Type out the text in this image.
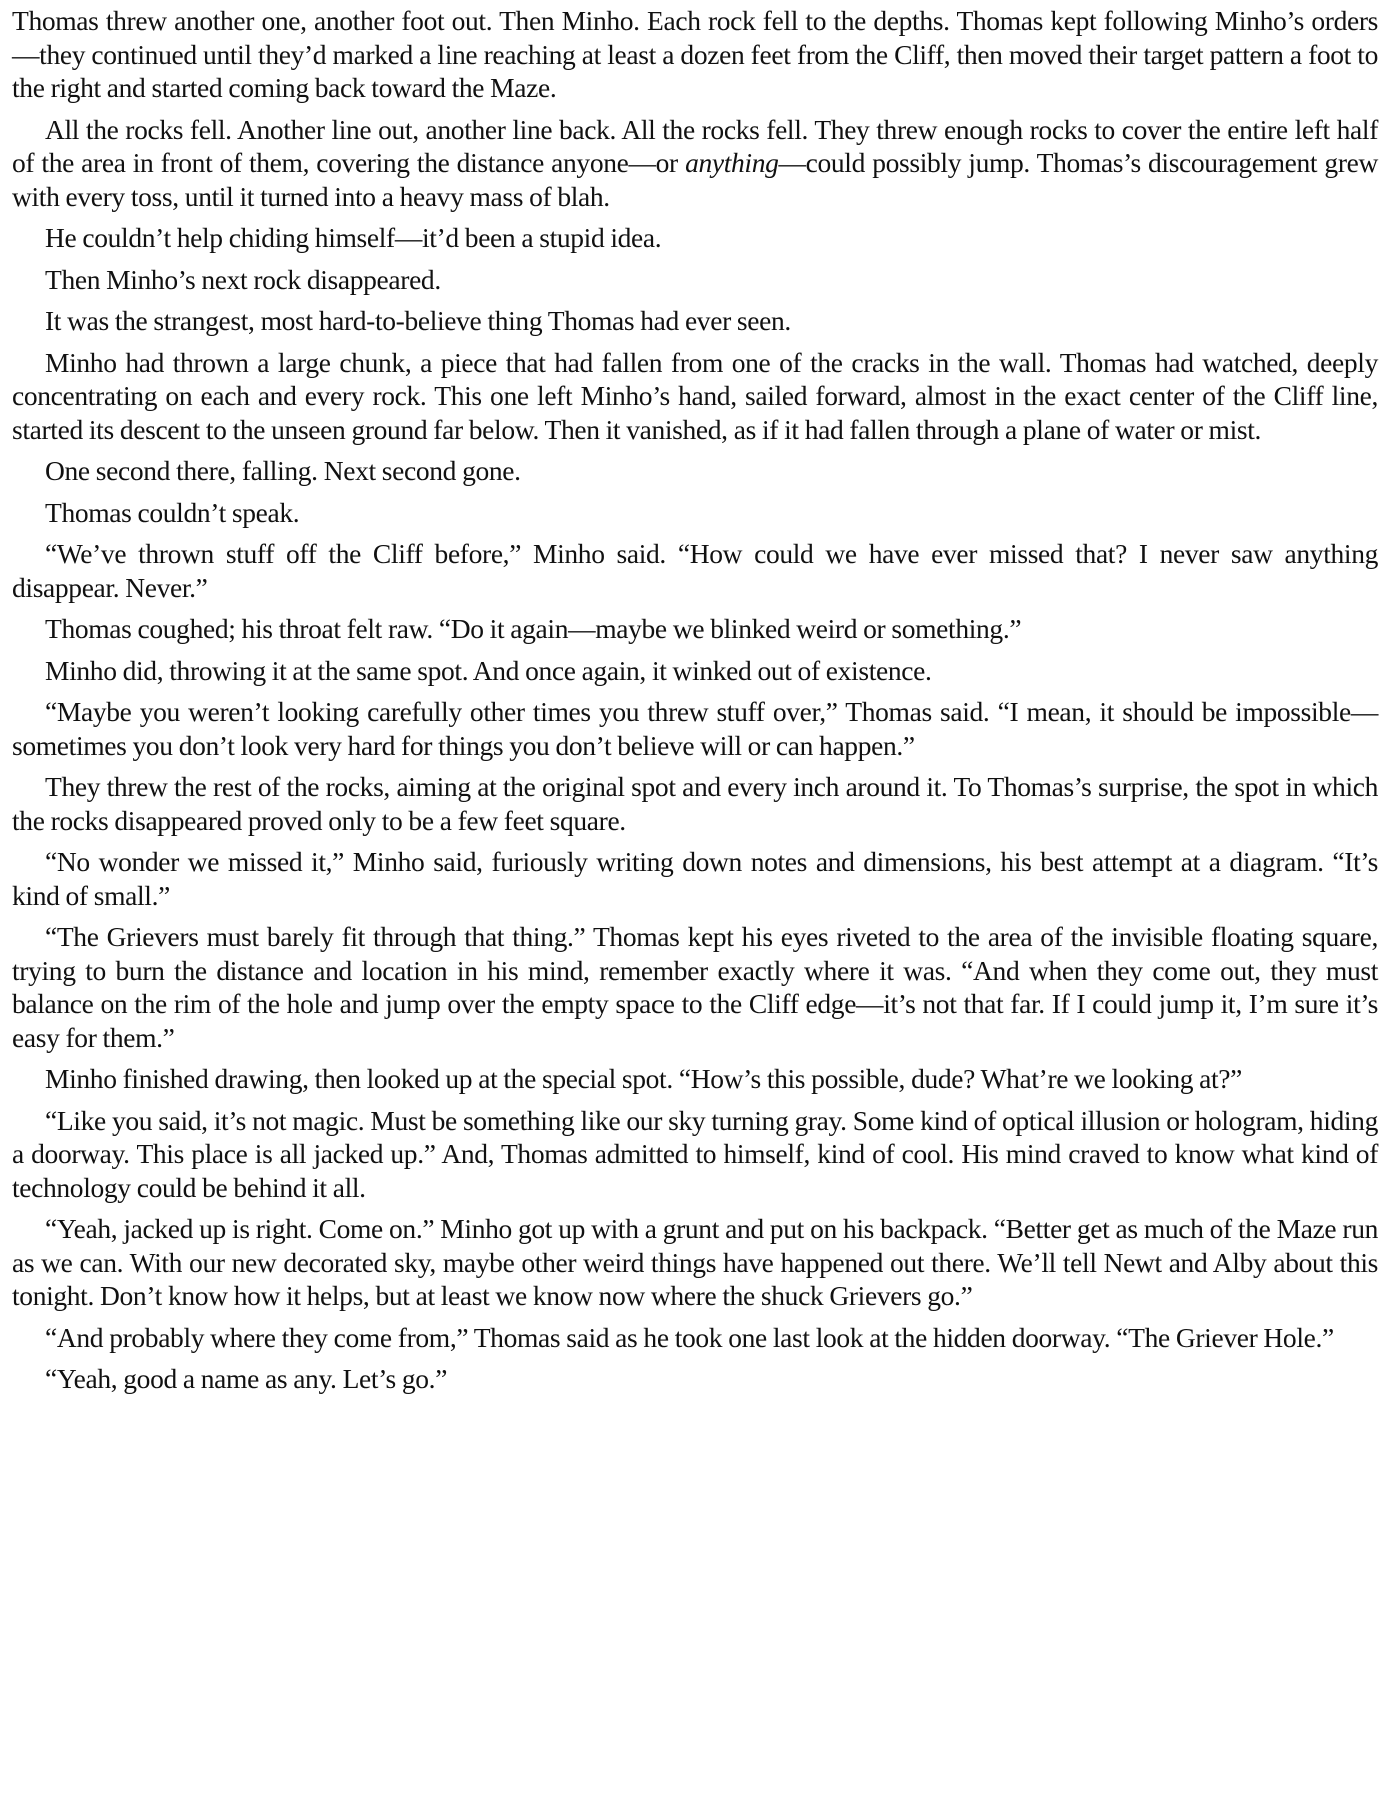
Thomas threw another one, another foot out. Then Minho. Each rock fell to the depths. Thomas kept following Minho’s orders—they continued until they’d marked a line reaching at least a dozen feet from the Cliff, then moved their target pattern a foot to the right and started coming back toward the Maze.

All the rocks fell. Another line out, another line back. All the rocks fell. They threw enough rocks to cover the entire left half of the area in front of them, covering the distance anyone—or anything—could possibly jump. Thomas’s discouragement grew with every toss, until it turned into a heavy mass of blah.

He couldn’t help chiding himself—it’d been a stupid idea.

Then Minho’s next rock disappeared.

It was the strangest, most hard-to-believe thing Thomas had ever seen.

Minho had thrown a large chunk, a piece that had fallen from one of the cracks in the wall. Thomas had watched, deeply concentrating on each and every rock. This one left Minho’s hand, sailed forward, almost in the exact center of the Cliff line, started its descent to the unseen ground far below. Then it vanished, as if it had fallen through a plane of water or mist.

One second there, falling. Next second gone.

Thomas couldn’t speak.

“We’ve thrown stuff off the Cliff before,” Minho said. “How could we have ever missed that? I never saw anything disappear. Never.”

Thomas coughed; his throat felt raw. “Do it again—maybe we blinked weird or something.”

Minho did, throwing it at the same spot. And once again, it winked out of existence.

“Maybe you weren’t looking carefully other times you threw stuff over,” Thomas said. “I mean, it should be impossible—sometimes you don’t look very hard for things you don’t believe will or can happen.”

They threw the rest of the rocks, aiming at the original spot and every inch around it. To Thomas’s surprise, the spot in which the rocks disappeared proved only to be a few feet square.

“No wonder we missed it,” Minho said, furiously writing down notes and dimensions, his best attempt at a diagram. “It’s kind of small.”

“The Grievers must barely fit through that thing.” Thomas kept his eyes riveted to the area of the invisible floating square, trying to burn the distance and location in his mind, remember exactly where it was. “And when they come out, they must balance on the rim of the hole and jump over the empty space to the Cliff edge—it’s not that far. If I could jump it, I’m sure it’s easy for them.”

Minho finished drawing, then looked up at the special spot. “How’s this possible, dude? What’re we looking at?”

“Like you said, it’s not magic. Must be something like our sky turning gray. Some kind of optical illusion or hologram, hiding a doorway. This place is all jacked up.” And, Thomas admitted to himself, kind of cool. His mind craved to know what kind of technology could be behind it all.

“Yeah, jacked up is right. Come on.” Minho got up with a grunt and put on his backpack. “Better get as much of the Maze run as we can. With our new decorated sky, maybe other weird things have happened out there. We’ll tell Newt and Alby about this tonight. Don’t know how it helps, but at least we know now where the shuck Grievers go.”

“And probably where they come from,” Thomas said as he took one last look at the hidden doorway. “The Griever Hole.”

“Yeah, good a name as any. Let’s go.”
